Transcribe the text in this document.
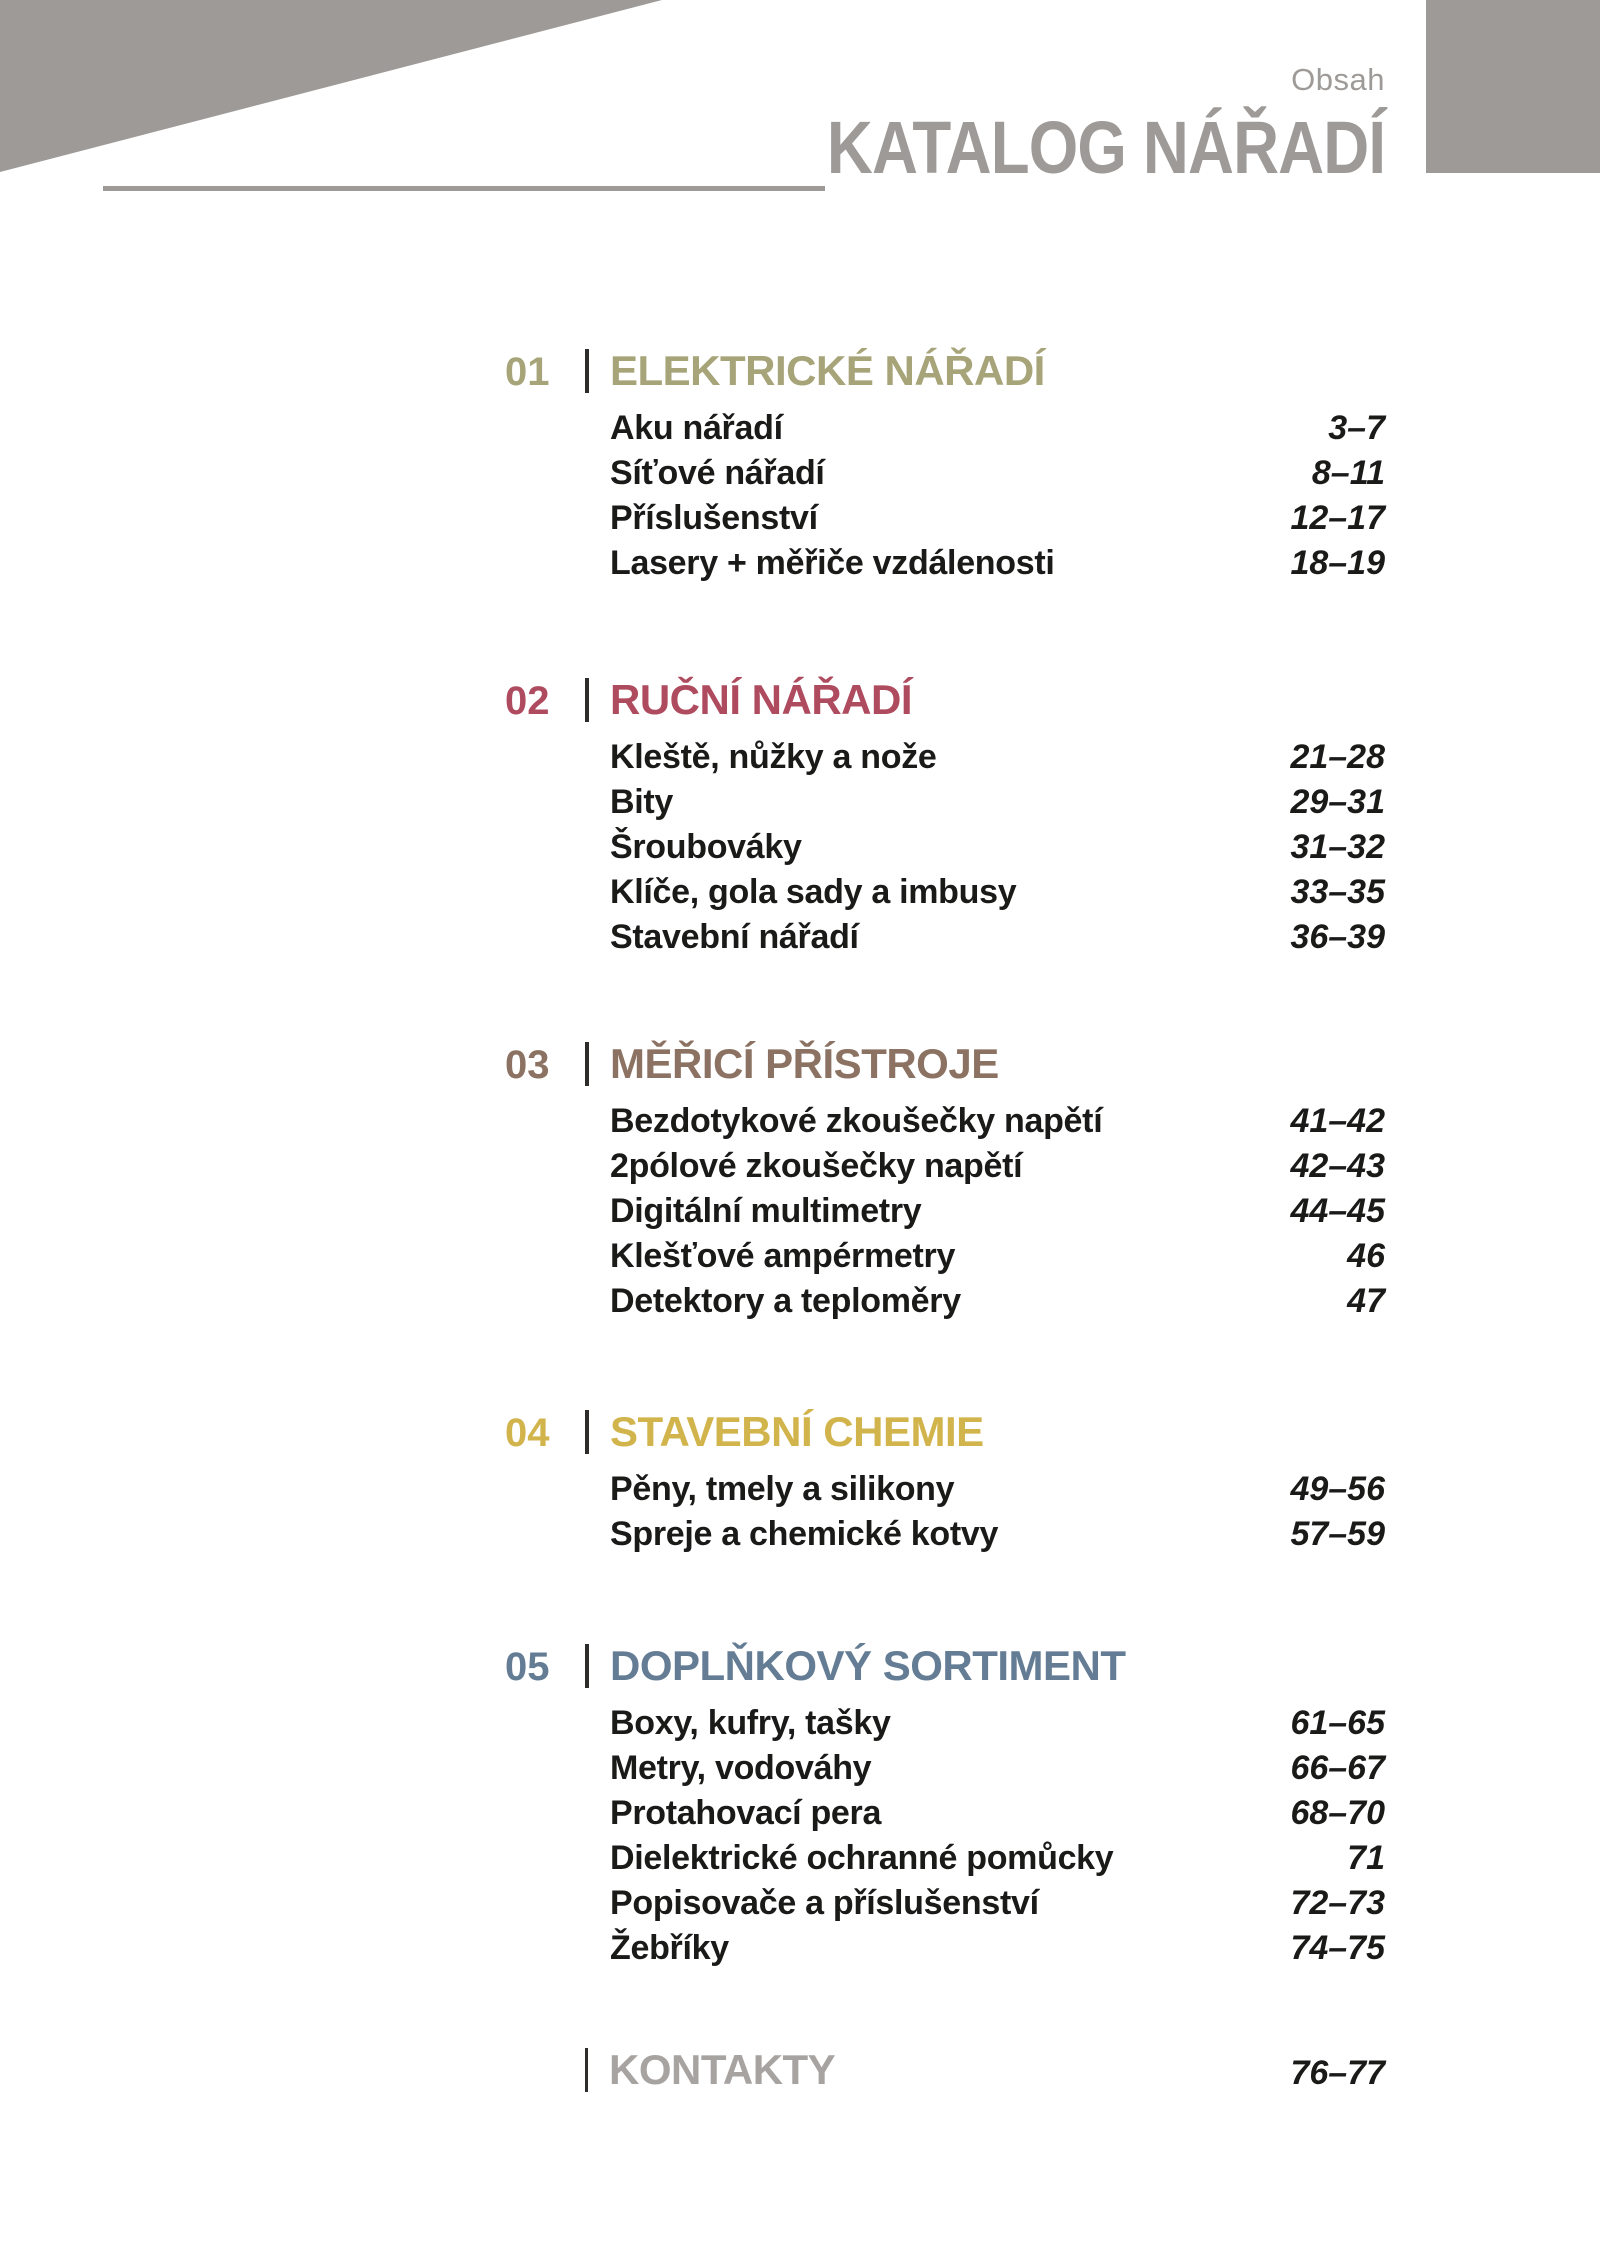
Obsah
KATALOG NÁŘADÍ
01	ELEKTRICKÉ NÁŘADÍ
Aku nářadí	3–7
Síťové nářadí	8–11
Příslušenství	12–17
Lasery + měřiče vzdálenosti	18–19
02	RUČNÍ NÁŘADÍ
Kleště, nůžky a nože	21–28
Bity	29–31
Šroubováky	31–32
Klíče, gola sady a imbusy	33–35
Stavební nářadí	36–39
03	MĚŘICÍ PŘÍSTROJE
Bezdotykové zkoušečky napětí	41–42
2pólové zkoušečky napětí	42–43
Digitální multimetry	44–45
Klešťové ampérmetry	46
Detektory a teploměry	47
04	STAVEBNÍ CHEMIE
Pěny, tmely a silikony	49–56
Spreje a chemické kotvy	57–59
05	DOPLŇKOVÝ SORTIMENT
Boxy, kufry, tašky	61–65
Metry, vodováhy	66–67
Protahovací pera	68–70
Dielektrické ochranné pomůcky	71
Popisovače a příslušenství	72–73
Žebříky	74–75
KONTAKTY	76–77
